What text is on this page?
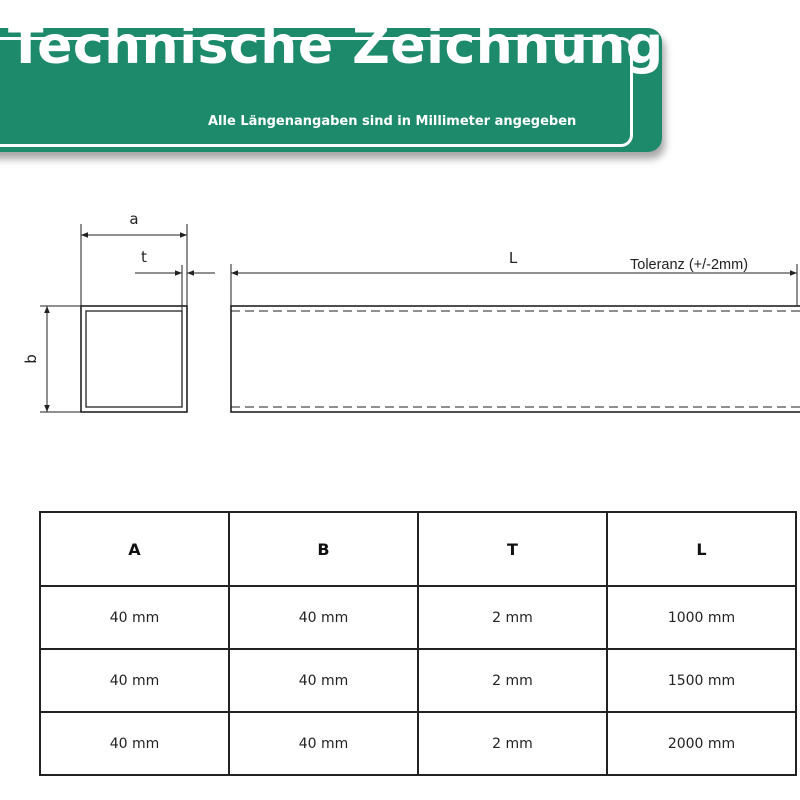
Technische Zeichnung
Alle Längenangaben sind in Millimeter angegeben
a
t
b
L	Toleranz (+/-2mm)
A	B	T	L
40 mm	40 mm	2 mm	1000 mm
40 mm	40 mm	2 mm	1500 mm
40 mm	40 mm	2 mm	2000 mm
